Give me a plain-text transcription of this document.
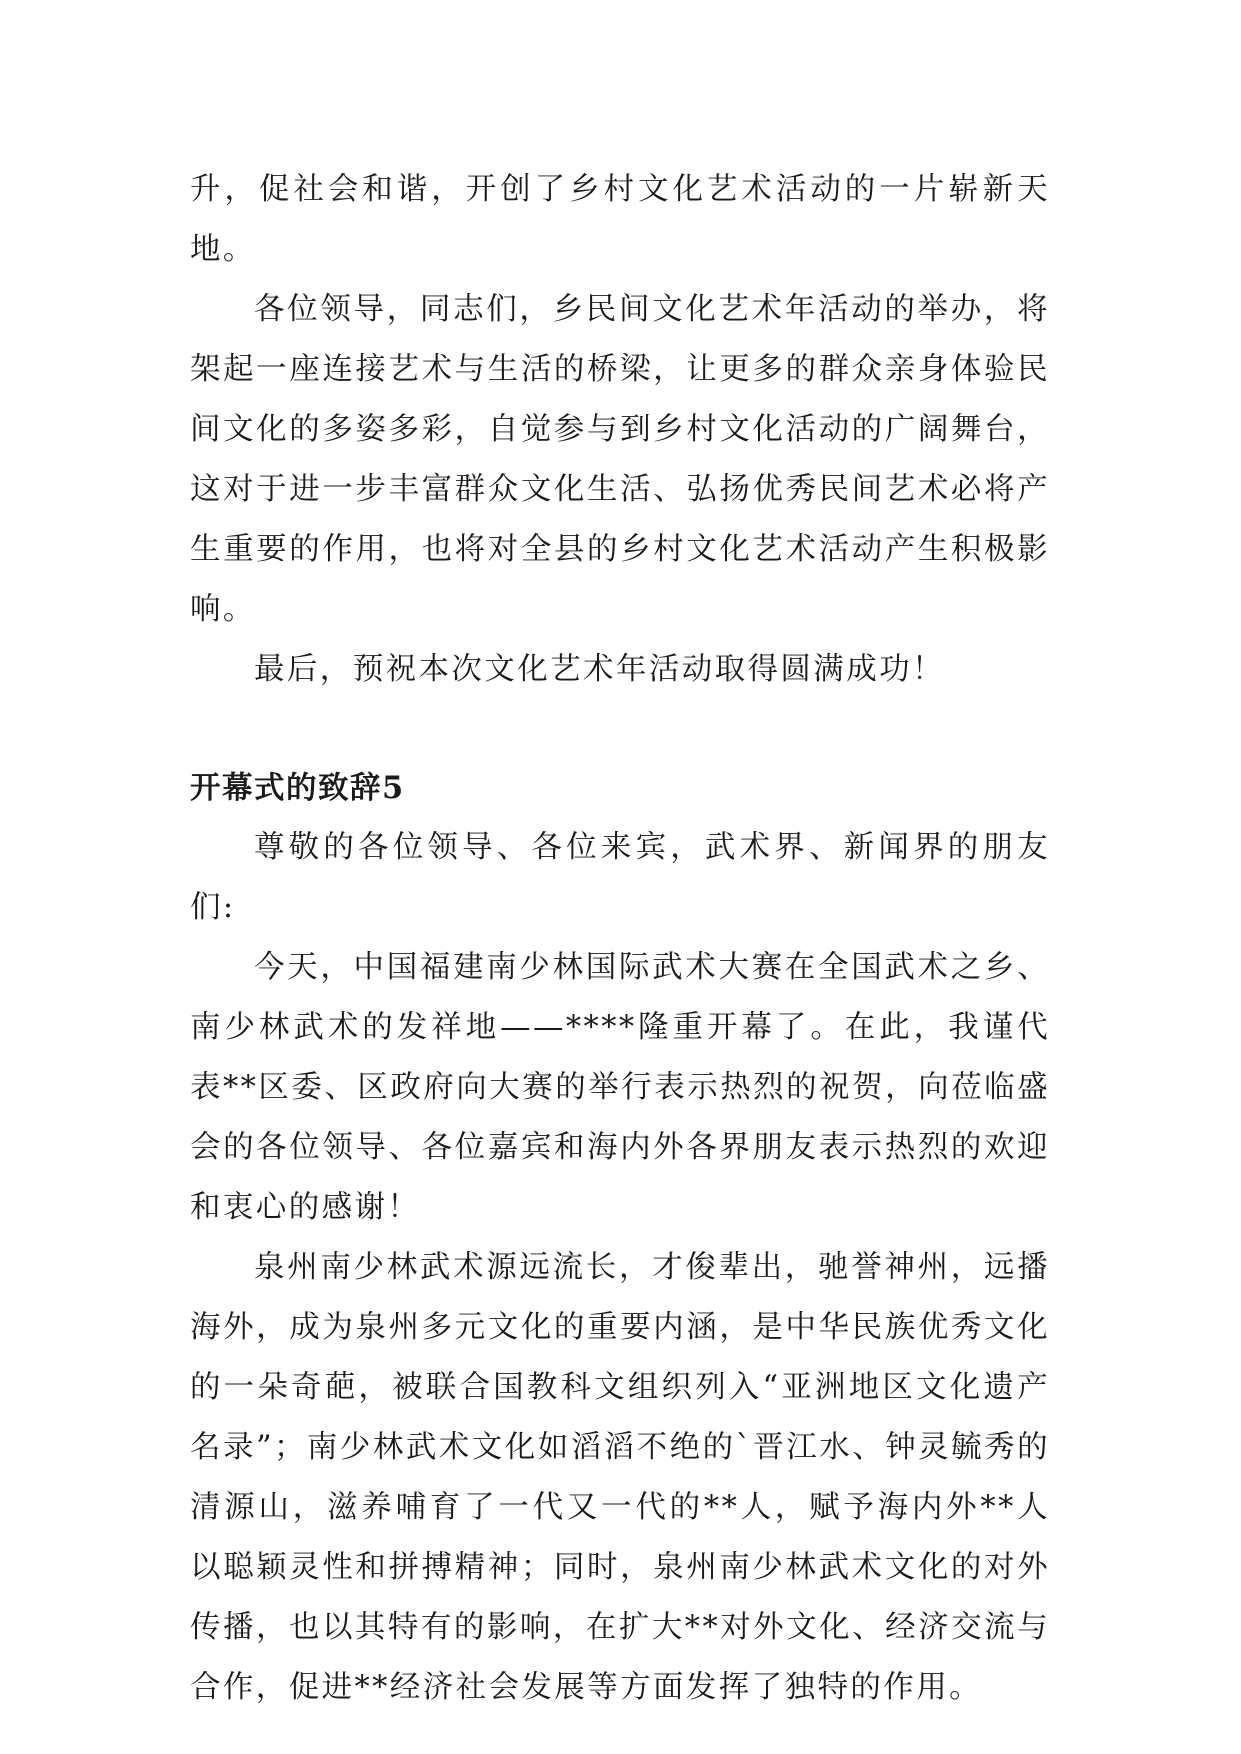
升，促社会和谐，开创了乡村文化艺术活动的一片崭新天地。

各位领导，同志们，乡民间文化艺术年活动的举办，将架起一座连接艺术与生活的桥梁，让更多的群众亲身体验民间文化的多姿多彩，自觉参与到乡村文化活动的广阔舞台，这对于进一步丰富群众文化生活、弘扬优秀民间艺术必将产生重要的作用，也将对全县的乡村文化艺术活动产生积极影响。

最后，预祝本次文化艺术年活动取得圆满成功！

开幕式的致辞5

尊敬的各位领导、各位来宾，武术界、新闻界的朋友们:

今天，中国福建南少林国际武术大赛在全国武术之乡、南少林武术的发祥地——****隆重开幕了。在此，我谨代表**区委、区政府向大赛的举行表示热烈的祝贺，向莅临盛会的各位领导、各位嘉宾和海内外各界朋友表示热烈的欢迎和衷心的感谢！

泉州南少林武术源远流长，才俊辈出，驰誉神州，远播海外，成为泉州多元文化的重要内涵，是中华民族优秀文化的一朵奇葩，被联合国教科文组织列入“亚洲地区文化遗产名录”；南少林武术文化如滔滔不绝的`晋江水、钟灵毓秀的清源山，滋养哺育了一代又一代的**人，赋予海内外**人以聪颖灵性和拼搏精神；同时，泉州南少林武术文化的对外传播，也以其特有的影响，在扩大**对外文化、经济交流与合作，促进**经济社会发展等方面发挥了独特的作用。
